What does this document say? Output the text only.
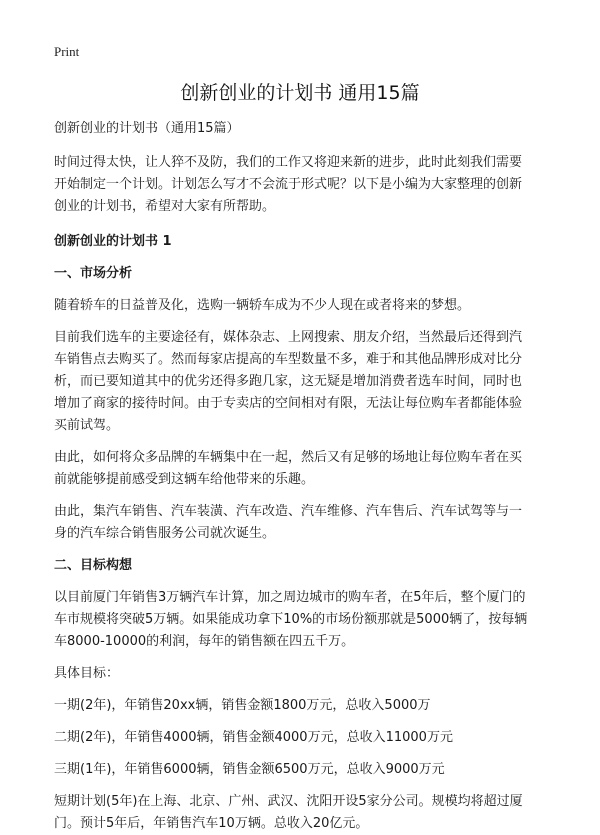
Print
创新创业的计划书 通用15篇

创新创业的计划书（通用15篇）

时间过得太快，让人猝不及防，我们的工作又将迎来新的进步，此时此刻我们需要

开始制定一个计划。计划怎么写才不会流于形式呢？以下是小编为大家整理的创新

创业的计划书，希望对大家有所帮助。

创新创业的计划书 1

一、市场分析

随着轿车的日益普及化，选购一辆轿车成为不少人现在或者将来的梦想。

目前我们选车的主要途径有，媒体杂志、上网搜索、朋友介绍，当然最后还得到汽

车销售点去购买了。然而每家店提高的车型数量不多，难于和其他品牌形成对比分

析，而已要知道其中的优劣还得多跑几家，这无疑是增加消费者选车时间，同时也

增加了商家的接待时间。由于专卖店的空间相对有限，无法让每位购车者都能体验

买前试驾。

由此，如何将众多品牌的车辆集中在一起，然后又有足够的场地让每位购车者在买

前就能够提前感受到这辆车给他带来的乐趣。

由此，集汽车销售、汽车装潢、汽车改造、汽车维修、汽车售后、汽车试驾等与一

身的汽车综合销售服务公司就次诞生。

二、目标构想

以目前厦门年销售3万辆汽车计算，加之周边城市的购车者，在5年后，整个厦门的

车市规模将突破5万辆。如果能成功拿下10%的市场份额那就是5000辆了，按每辆

车8000-10000的利润，每年的销售额在四五千万。

具体目标：

一期(2年)，年销售20xx辆，销售金额1800万元，总收入5000万

二期(2年)，年销售4000辆，销售金额4000万元，总收入11000万元

三期(1年)，年销售6000辆，销售金额6500万元，总收入9000万元

短期计划(5年)在上海、北京、广州、武汉、沈阳开设5家分公司。规模均将超过厦

门。预计5年后，年销售汽车10万辆。总收入20亿元。
